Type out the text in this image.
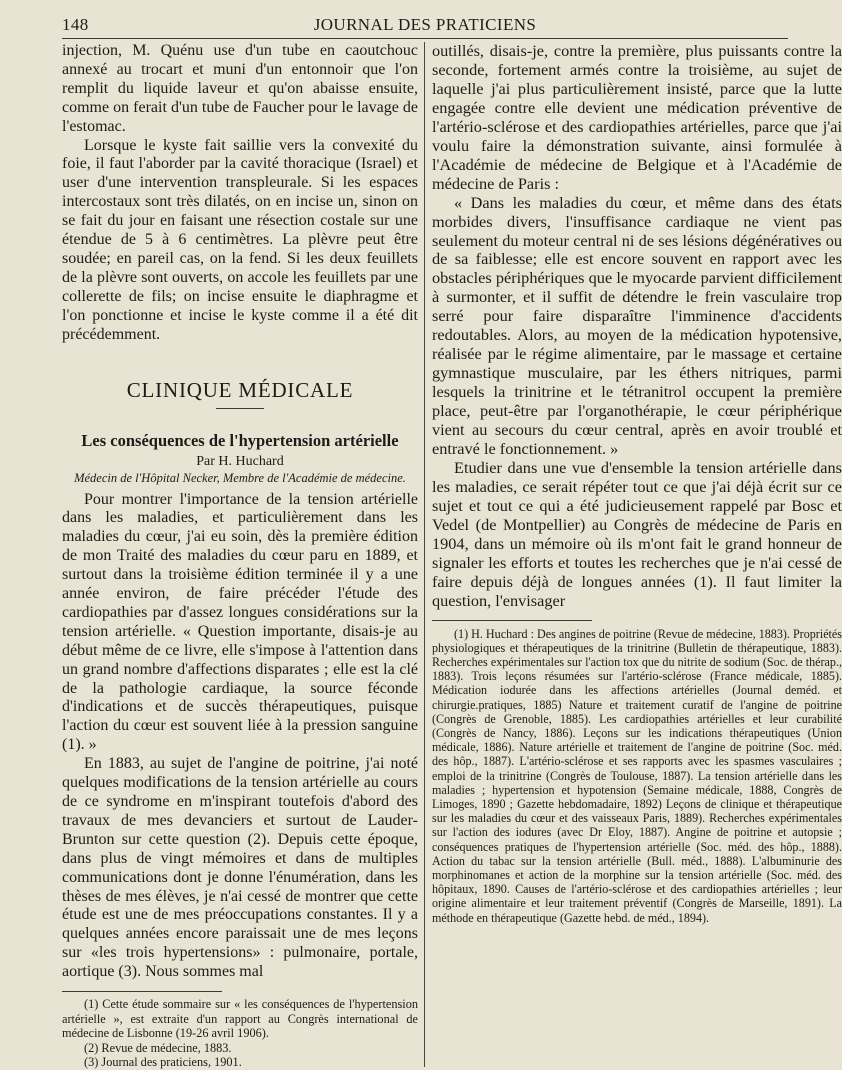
148	JOURNAL DES PRATICIENS

injection, M. Quénu use d'un tube en caoutchouc annexé au trocart et muni d'un entonnoir que l'on remplit du liquide laveur et qu'on abaisse ensuite, comme on ferait d'un tube de Faucher pour le lavage de l'estomac.

Lorsque le kyste fait saillie vers la convexité du foie, il faut l'aborder par la cavité thoracique (Israel) et user d'une intervention transpleurale. Si les espaces intercostaux sont très dilatés, on en incise un, sinon on se fait du jour en faisant une résection costale sur une étendue de 5 à 6 centimètres. La plèvre peut être soudée; en pareil cas, on la fend. Si les deux feuillets de la plèvre sont ouverts, on accole les feuillets par une collerette de fils; on incise ensuite le diaphragme et l'on ponctionne et incise le kyste comme il a été dit précédemment.

CLINIQUE MÉDICALE
Les conséquences de l'hypertension artérielle
Par H. Huchard
Médecin de l'Hôpital Necker, Membre de l'Académie de médecine.

Pour montrer l'importance de la tension artérielle dans les maladies, et particulièrement dans les maladies du cœur, j'ai eu soin, dès la première édition de mon Traité des maladies du cœur paru en 1889, et surtout dans la troisième édition terminée il y a une année environ, de faire précéder l'étude des cardiopathies par d'assez longues considérations sur la tension artérielle. « Question importante, disais-je au début même de ce livre, elle s'impose à l'attention dans un grand nombre d'affections disparates ; elle est la clé de la pathologie cardiaque, la source féconde d'indications et de succès thérapeutiques, puisque l'action du cœur est souvent liée à la pression sanguine (1). »

En 1883, au sujet de l'angine de poitrine, j'ai noté quelques modifications de la tension artérielle au cours de ce syndrome en m'inspirant toutefois d'abord des travaux de mes devanciers et surtout de Lauder-Brunton sur cette question (2). Depuis cette époque, dans plus de vingt mémoires et dans de multiples communications dont je donne l'énumération, dans les thèses de mes élèves, je n'ai cessé de montrer que cette étude est une de mes préoccupations constantes. Il y a quelques années encore paraissait une de mes leçons sur «les trois hypertensions» : pulmonaire, portale, aortique (3). Nous sommes mal

(1) Cette étude sommaire sur « les conséquences de l'hypertension artérielle », est extraite d'un rapport au Congrès international de médecine de Lisbonne (19-26 avril 1906).

(2) Revue de médecine, 1883.

(3) Journal des praticiens, 1901.

outillés, disais-je, contre la première, plus puissants contre la seconde, fortement armés contre la troisième, au sujet de laquelle j'ai plus particulièrement insisté, parce que la lutte engagée contre elle devient une médication préventive de l'artério-sclérose et des cardiopathies artérielles, parce que j'ai voulu faire la démonstration suivante, ainsi formulée à l'Académie de médecine de Belgique et à l'Académie de médecine de Paris :

« Dans les maladies du cœur, et même dans des états morbides divers, l'insuffisance cardiaque ne vient pas seulement du moteur central ni de ses lésions dégénératives ou de sa faiblesse; elle est encore souvent en rapport avec les obstacles périphériques que le myocarde parvient difficilement à surmonter, et il suffit de détendre le frein vasculaire trop serré pour faire disparaître l'imminence d'accidents redoutables. Alors, au moyen de la médication hypotensive, réalisée par le régime alimentaire, par le massage et certaine gymnastique musculaire, par les éthers nitriques, parmi lesquels la trinitrine et le tétranitrol occupent la première place, peut-être par l'organothérapie, le cœur périphérique vient au secours du cœur central, après en avoir troublé et entravé le fonctionnement. »

Etudier dans une vue d'ensemble la tension artérielle dans les maladies, ce serait répéter tout ce que j'ai déjà écrit sur ce sujet et tout ce qui a été judicieusement rappelé par Bosc et Vedel (de Montpellier) au Congrès de médecine de Paris en 1904, dans un mémoire où ils m'ont fait le grand honneur de signaler les efforts et toutes les recherches que je n'ai cessé de faire depuis déjà de longues années (1). Il faut limiter la question, l'envisager

(1) H. Huchard : Des angines de poitrine (Revue de médecine, 1883). Propriétés physiologiques et thérapeutiques de la trinitrine (Bulletin de thérapeutique, 1883). Recherches expérimentales sur l'action tox que du nitrite de sodium (Soc. de thérap., 1883). Trois leçons résumées sur l'artério-sclérose (France médicale, 1885). Médication iodurée dans les affections artérielles (Journal deméd. et chirurgie.pratiques, 1885) Nature et traitement curatif de l'angine de poitrine (Congrès de Grenoble, 1885). Les cardiopathies artérielles et leur curabilité (Congrès de Nancy, 1886). Leçons sur les indications thérapeutiques (Union médicale, 1886). Nature artérielle et traitement de l'angine de poitrine (Soc. méd. des hôp., 1887). L'artério-sclérose et ses rapports avec les spasmes vasculaires ; emploi de la trinitrine (Congrès de Toulouse, 1887). La tension artérielle dans les maladies ; hypertension et hypotension (Semaine médicale, 1888, Congrès de Limoges, 1890 ; Gazette hebdomadaire, 1892) Leçons de clinique et thérapeutique sur les maladies du cœur et des vaisseaux Paris, 1889). Recherches expérimentales sur l'action des iodures (avec Dr Eloy, 1887). Angine de poitrine et autopsie ; conséquences pratiques de l'hypertension artérielle (Soc. méd. des hôp., 1888). Action du tabac sur la tension artérielle (Bull. méd., 1888). L'albuminurie des morphinomanes et action de la morphine sur la tension artérielle (Soc. méd. des hôpitaux, 1890. Causes de l'artério-sclérose et des cardiopathies artérielles ; leur origine alimentaire et leur traitement préventif (Congrès de Marseille, 1891). La méthode en thérapeutique (Gazette hebd. de méd., 1894).
